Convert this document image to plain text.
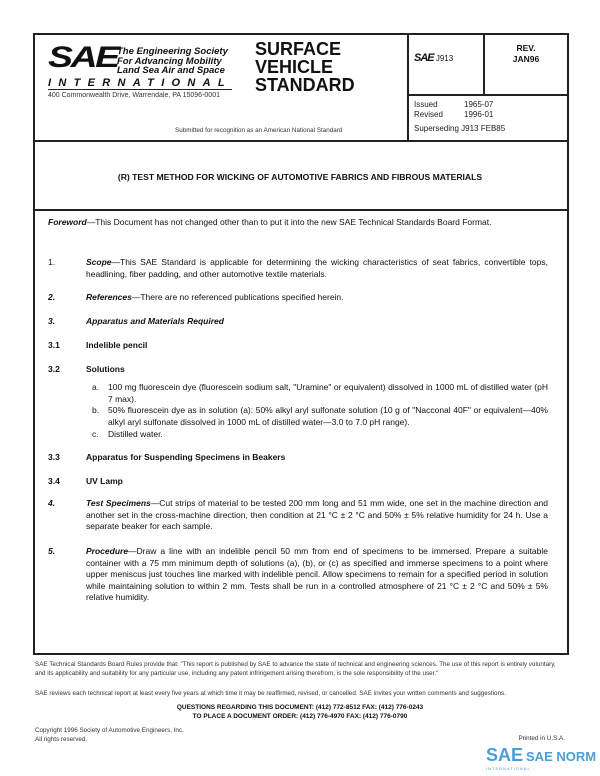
SAE The Engineering Society
For Advancing Mobility
Land Sea Air and Space
INTERNATIONAL
400 Commonwealth Drive, Warrendale, PA 15096-0001
SURFACE
VEHICLE
STANDARD
Submitted for recognition as an American National Standard
SAE J913
REV.
JAN96
Issued	1965-07
Revised	1996-01
Superseding J913 FEB85
(R) TEST METHOD FOR WICKING OF AUTOMOTIVE FABRICS AND FIBROUS MATERIALS
Foreword—This Document has not changed other than to put it into the new SAE Technical Standards Board Format.
1.	Scope—This SAE Standard is applicable for determining the wicking characteristics of seat fabrics, convertible tops, headlining, fiber padding, and other automotive textile materials.
2.	References—There are no referenced publications specified herein.
3.	Apparatus and Materials Required
3.1	Indelible pencil
3.2	Solutions
a. 100 mg fluorescein dye (fluorescein sodium salt, "Uramine" or equivalent) dissolved in 1000 mL of distilled water (pH 7 max).
b. 50% fluorescein dye as in solution (a): 50% alkyl aryl sulfonate solution (10 g of "Nacconal 40F" or equivalent—40% alkyl aryl sulfonate dissolved in 1000 mL of distilled water—3.0 to 7.0 pH range).
c. Distilled water.
3.3	Apparatus for Suspending Specimens in Beakers
3.4	UV Lamp
4.	Test Specimens—Cut strips of material to be tested 200 mm long and 51 mm wide, one set in the machine direction and another set in the cross-machine direction, then condition at 21 °C ± 2 °C and 50% ± 5% relative humidity for 24 h. Use a separate beaker for each sample.
5.	Procedure—Draw a line with an indelible pencil 50 mm from end of specimens to be immersed. Prepare a suitable container with a 75 mm minimum depth of solutions (a), (b), or (c) as specified and immerse specimens to a point where upper meniscus just touches line marked with indelible pencil. Allow specimens to remain for a specified period in solution while maintaining solution to within 2 mm. Tests shall be run in a controlled atmosphere of 21 °C ± 2 °C and 50% ± 5% relative humidity.
SAE Technical Standards Board Rules provide that: "This report is published by SAE to advance the state of technical and engineering sciences. The use of this report is entirely voluntary, and its applicability and suitability for any particular use, including any patent infringement arising therefrom, is the sole responsibility of the user."
SAE reviews each technical report at least every five years at which time it may be reaffirmed, revised, or cancelled. SAE invites your written comments and suggestions.
QUESTIONS REGARDING THIS DOCUMENT: (412) 772-8512 FAX: (412) 776-0243
TO PLACE A DOCUMENT ORDER: (412) 776-4970 FAX: (412) 776-0790
Copyright 1996 Society of Automotive Engineers, Inc.
All rights reserved.	Printed in U.S.A.
SAE SAE NORM
INTERNATIONAL
